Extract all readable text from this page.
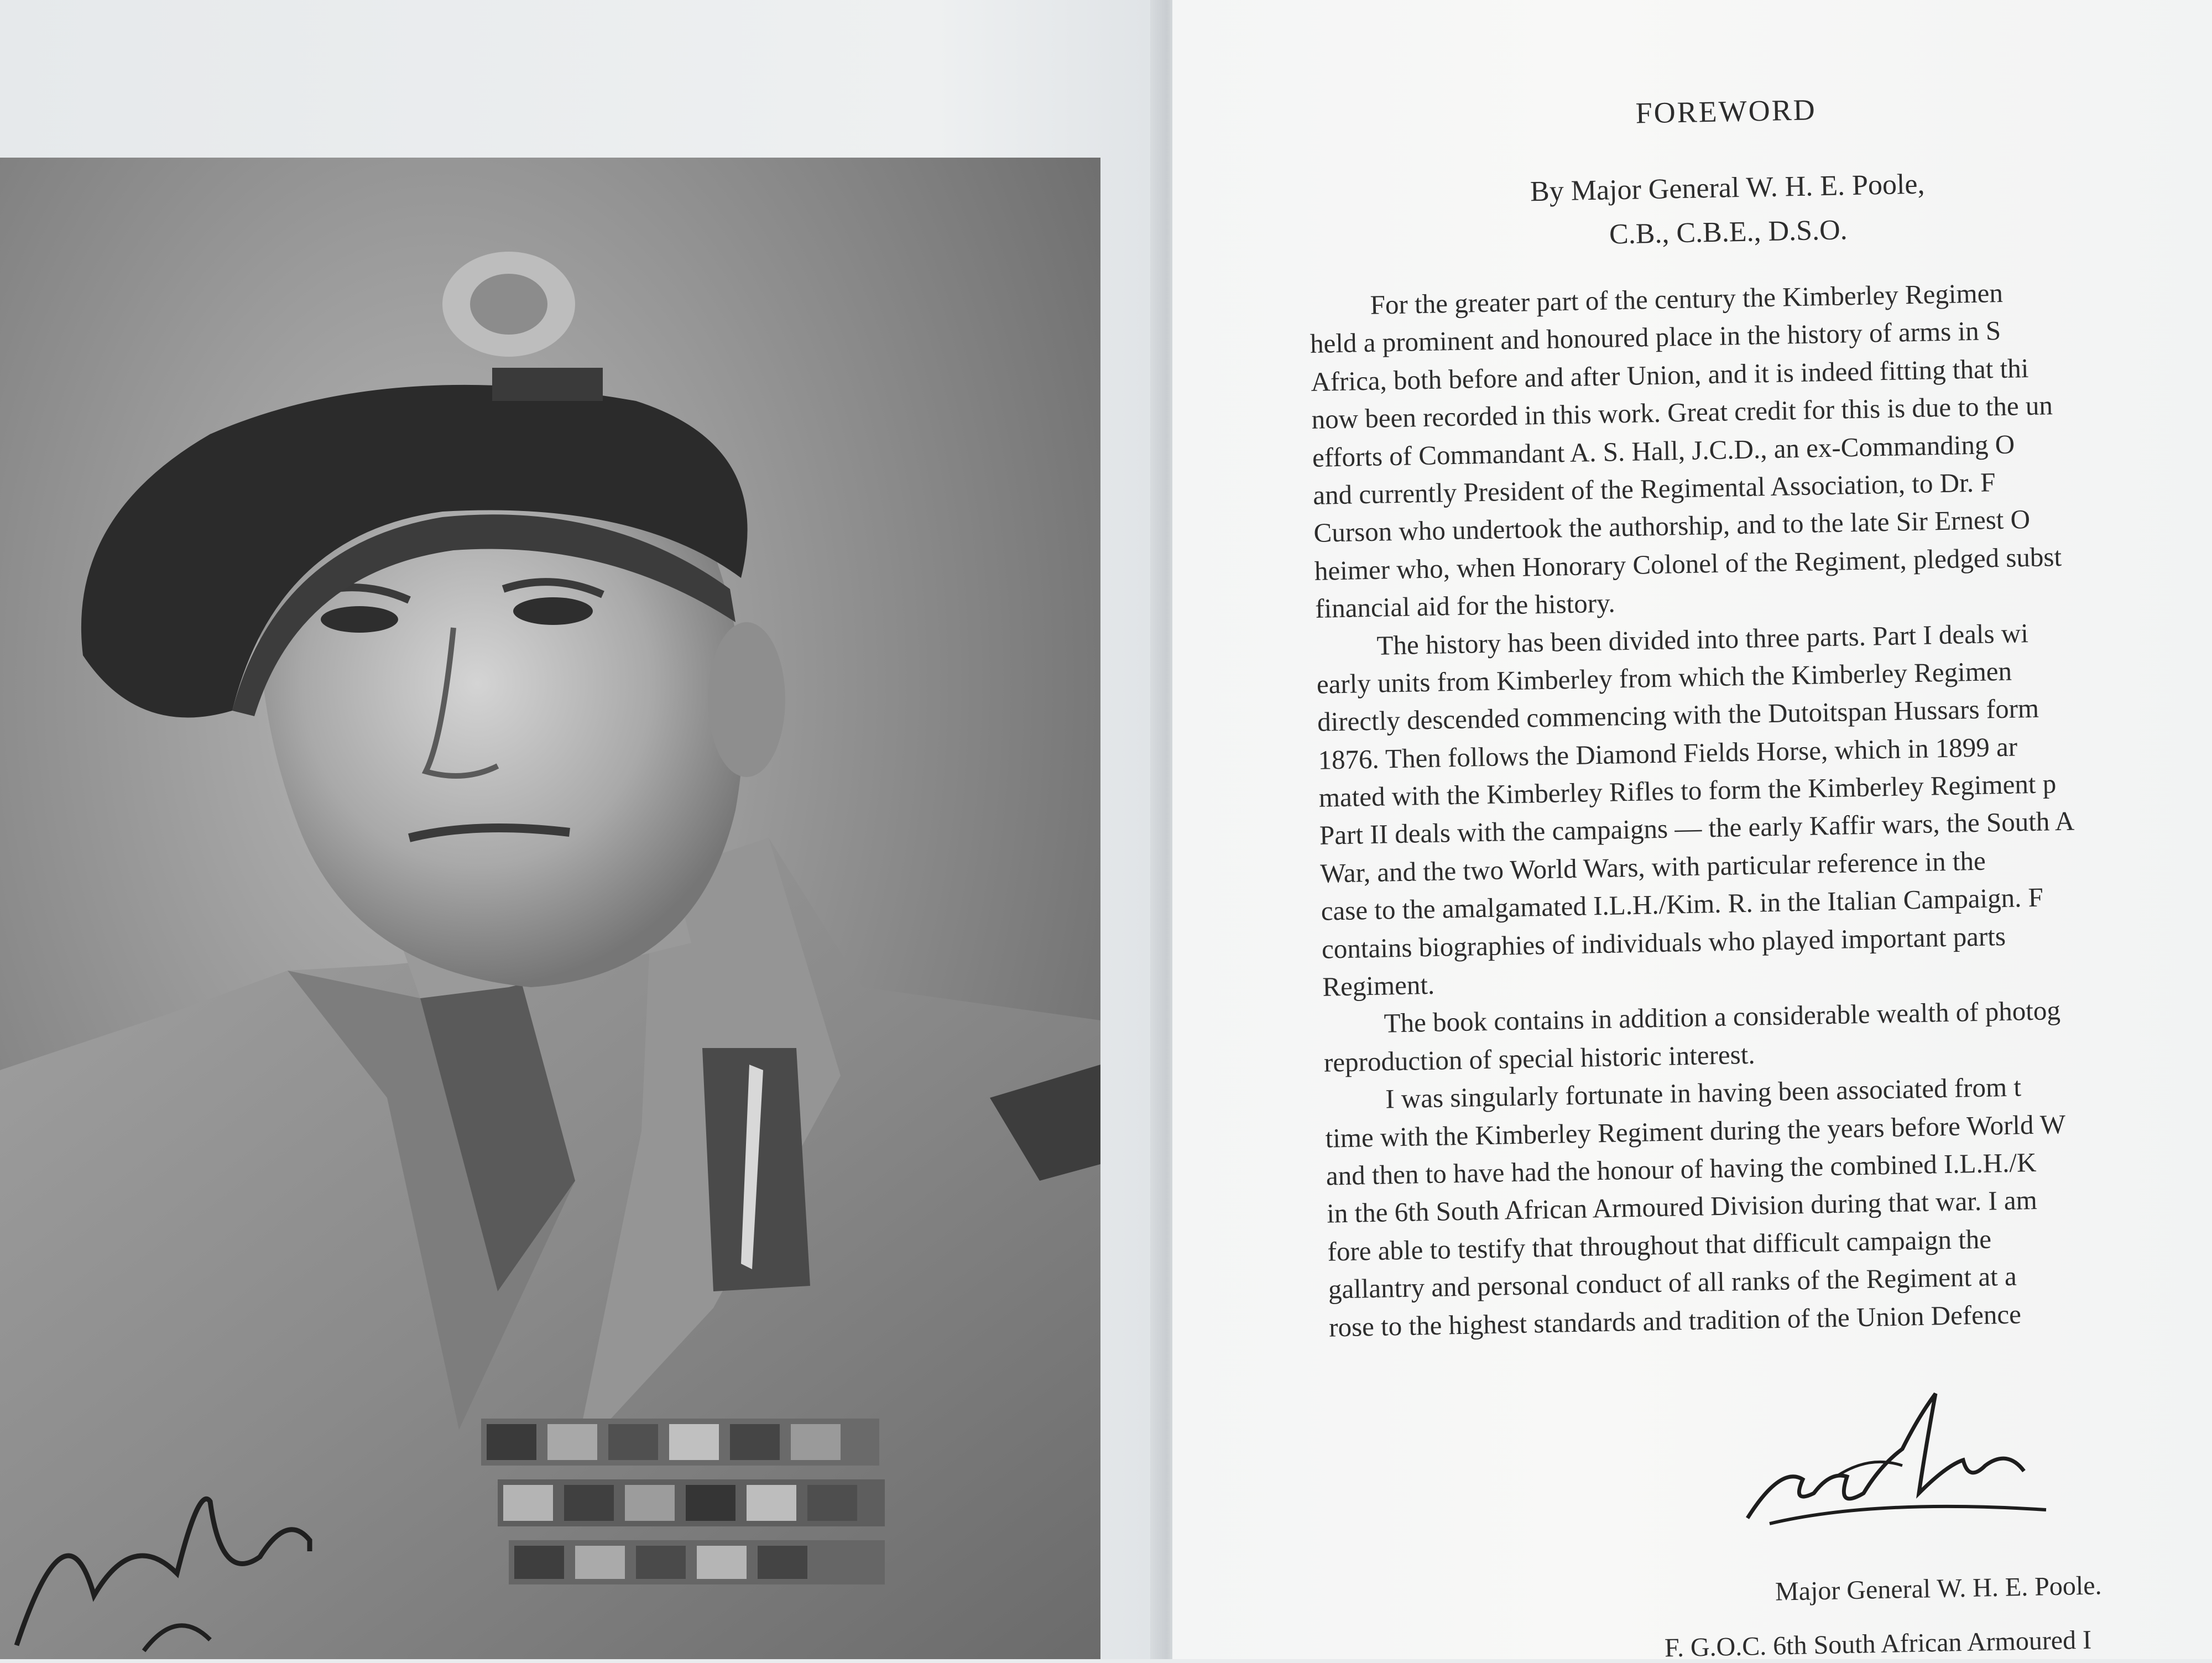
FOREWORD
By Major General W. H. E. Poole,
C.B., C.B.E., D.S.O.
For the greater part of the century the Kimberley Regimen
held a prominent and honoured place in the history of arms in S
Africa, both before and after Union, and it is indeed fitting that thi
now been recorded in this work. Great credit for this is due to the un
efforts of Commandant A. S. Hall, J.C.D., an ex-Commanding O
and currently President of the Regimental Association, to Dr. F
Curson who undertook the authorship, and to the late Sir Ernest O
heimer who, when Honorary Colonel of the Regiment, pledged subst
financial aid for the history.
The history has been divided into three parts. Part I deals wi
early units from Kimberley from which the Kimberley Regimen
directly descended commencing with the Dutoitspan Hussars form
1876. Then follows the Diamond Fields Horse, which in 1899 ar
mated with the Kimberley Rifles to form the Kimberley Regiment p
Part II deals with the campaigns — the early Kaffir wars, the South A
War, and the two World Wars, with particular reference in the
case to the amalgamated I.L.H./Kim. R. in the Italian Campaign. F
contains biographies of individuals who played important parts
Regiment.
The book contains in addition a considerable wealth of photog
reproduction of special historic interest.
I was singularly fortunate in having been associated from t
time with the Kimberley Regiment during the years before World W
and then to have had the honour of having the combined I.L.H./K
in the 6th South African Armoured Division during that war. I am
fore able to testify that throughout that difficult campaign the
gallantry and personal conduct of all ranks of the Regiment at a
rose to the highest standards and tradition of the Union Defence
Major General W. H. E. Poole.
F. G.O.C. 6th South African Armoured I
